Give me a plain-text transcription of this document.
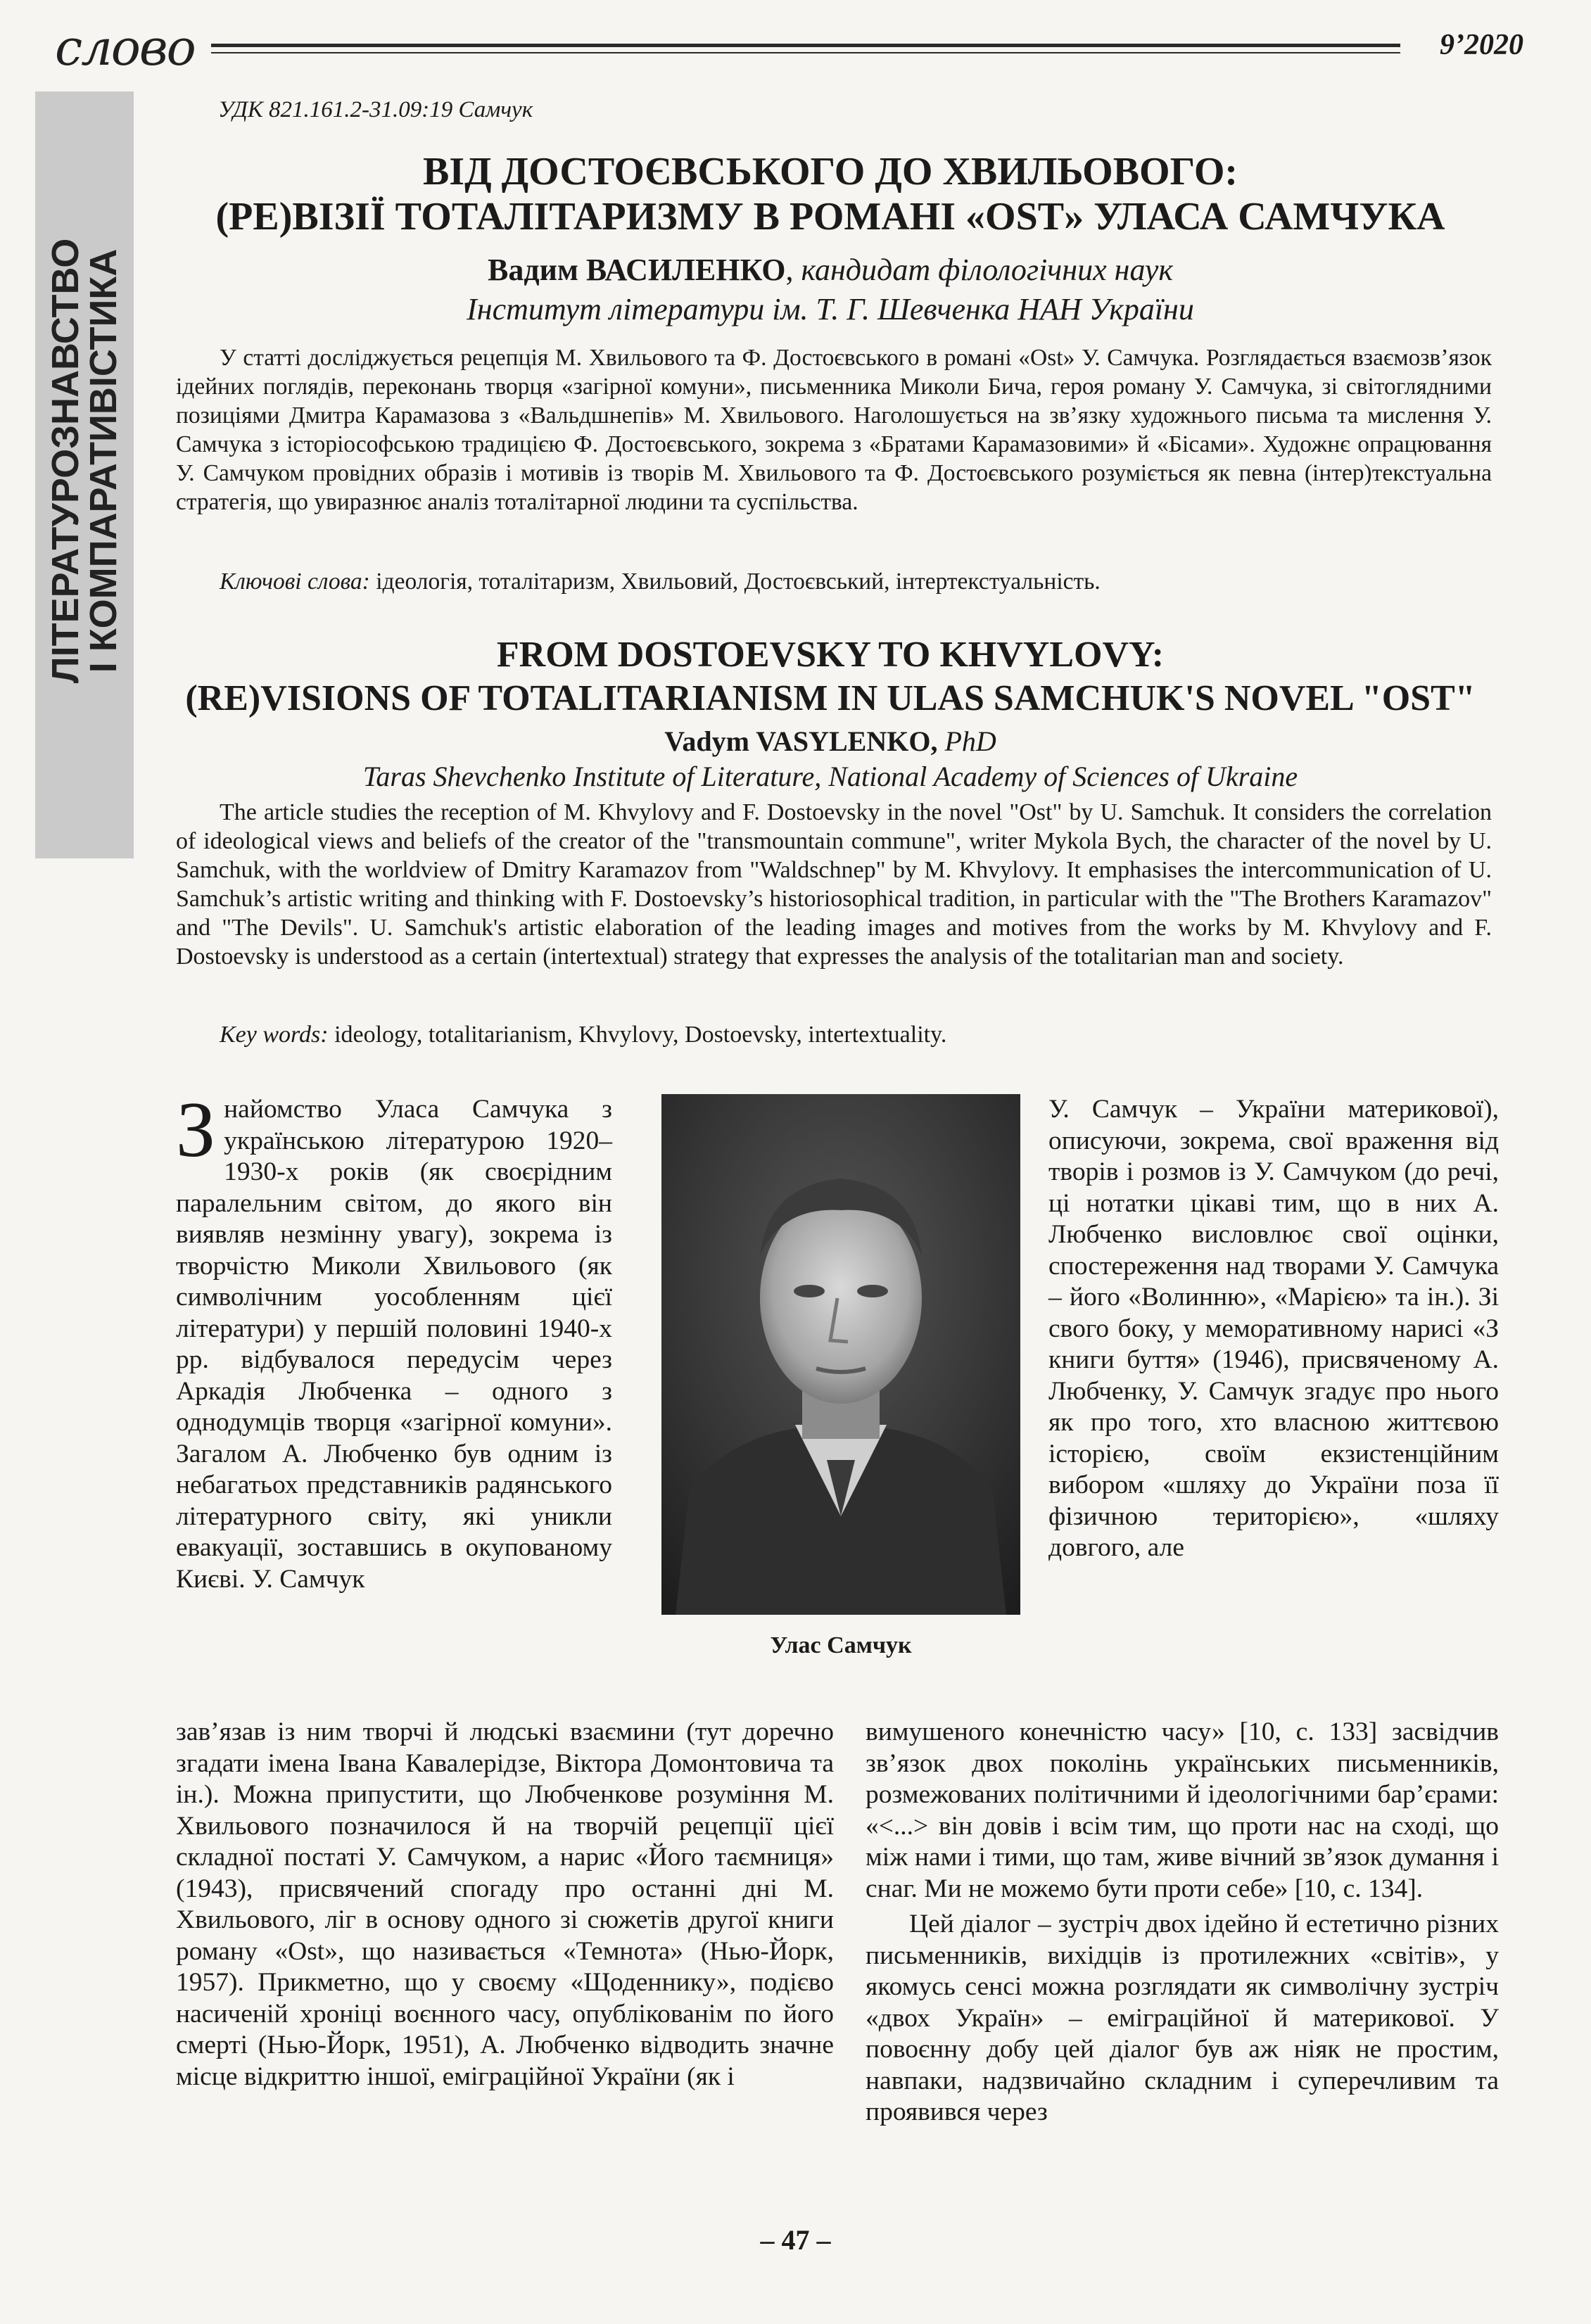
слово	9’2020
ЛІТЕРАТУРОЗНАВСТВО
І КОМПАРАТИВІСТИКА
УДК 821.161.2-31.09:19 Самчук
ВІД ДОСТОЄВСЬКОГО ДО ХВИЛЬОВОГО:
(РЕ)ВІЗІЇ ТОТАЛІТАРИЗМУ В РОМАНІ «OST» УЛАСА САМЧУКА
Вадим ВАСИЛЕНКО, кандидат філологічних наук
Інститут літератури ім. Т. Г. Шевченка НАН України
У статті досліджується рецепція М. Хвильового та Ф. Достоєвського в романі «Ost» У. Самчука. Розглядається взаємозв’язок ідейних поглядів, переконань творця «загірної комуни», письменника Миколи Бича, героя роману У. Самчука, зі світоглядними позиціями Дмитра Карамазова з «Вальдшнепів» М. Хвильового. Наголошується на зв’язку художнього письма та мислення У. Самчука з історіософською традицією Ф. Достоєвського, зокрема з «Братами Карамазовими» й «Бісами». Художнє опрацювання У. Самчуком провідних образів і мотивів із творів М. Хвильового та Ф. Достоєвського розуміється як певна (інтер)текстуальна стратегія, що увиразнює аналіз тоталітарної людини та суспільства.
Ключові слова: ідеологія, тоталітаризм, Хвильовий, Достоєвський, інтертекстуальність.
FROM DOSTOEVSKY TO KHVYLOVY:
(RE)VISIONS OF TOTALITARIANISM IN ULAS SAMCHUK'S NOVEL "OST"
Vadym VASYLENKO, PhD
Taras Shevchenko Institute of Literature, National Academy of Sciences of Ukraine
The article studies the reception of M. Khvylovy and F. Dostoevsky in the novel "Ost" by U. Samchuk. It considers the correlation of ideological views and beliefs of the creator of the "transmountain commune", writer Mykola Bych, the character of the novel by U. Samchuk, with the worldview of Dmitry Karamazov from "Waldschnep" by M. Khvylovy. It emphasises the intercommunication of U. Samchuk’s artistic writing and thinking with F. Dostoevsky’s historiosophical tradition, in particular with the "The Brothers Karamazov" and "The Devils". U. Samchuk's artistic elaboration of the leading images and motives from the works by M. Khvylovy and F. Dostoevsky is understood as a certain (intertextual) strategy that expresses the analysis of the totalitarian man and society.
Key words: ideology, totalitarianism, Khvylovy, Dostoevsky, intertextuality.

Знайомство Уласа Самчука з українською літературою 1920–1930-х років (як своєрідним паралельним світом, до якого він виявляв незмінну увагу), зокрема із творчістю Миколи Хвильового (як символічним уособленням цієї літератури) у першій половині 1940-х рр. відбувалося передусім через Аркадія Любченка – одного з однодумців творця «загірної комуни». Загалом А. Любченко був одним із небагатьох представників радянського літературного світу, які уникли евакуації, зоставшись в окупованому Києві. У. Самчук

Улас Самчук

У. Самчук – України материкової), описуючи, зокрема, свої враження від творів і розмов із У. Самчуком (до речі, ці нотатки цікаві тим, що в них А. Любченко висловлює свої оцінки, спостереження над творами У. Самчука – його «Волинню», «Марією» та ін.). Зі свого боку, у меморативному нарисі «З книги буття» (1946), присвяченому А. Любченку, У. Самчук згадує про нього як про того, хто власною життєвою історією, своїм екзистенційним вибором «шляху до України поза її фізичною територією», «шляху довгого, але

зав’язав із ним творчі й людські взаємини (тут доречно згадати імена Івана Кавалерідзе, Віктора Домонтовича та ін.). Можна припустити, що Любченкове розуміння М. Хвильового позначилося й на творчій рецепції цієї складної постаті У. Самчуком, а нарис «Його таємниця» (1943), присвячений спогаду про останні дні М. Хвильового, ліг в основу одного зі сюжетів другої книги роману «Ost», що називається «Темнота» (Нью-Йорк, 1957). Прикметно, що у своєму «Щоденнику», подієво насиченій хроніці воєнного часу, опублікованім по його смерті (Нью-Йорк, 1951), А. Любченко відводить значне місце відкриттю іншої, еміграційної України (як і

вимушеного конечністю часу» [10, с. 133] засвідчив зв’язок двох поколінь українських письменників, розмежованих політичними й ідеологічними бар’єрами: «<...> він довів і всім тим, що проти нас на сході, що між нами і тими, що там, живе вічний зв’язок думання і снаг. Ми не можемо бути проти себе» [10, с. 134].

Цей діалог – зустріч двох ідейно й естетично різних письменників, вихідців із протилежних «світів», у якомусь сенсі можна розглядати як символічну зустріч «двох Україн» – еміграційної й материкової. У повоєнну добу цей діалог був аж ніяк не простим, навпаки, надзвичайно складним і суперечливим та проявився через

– 47 –
